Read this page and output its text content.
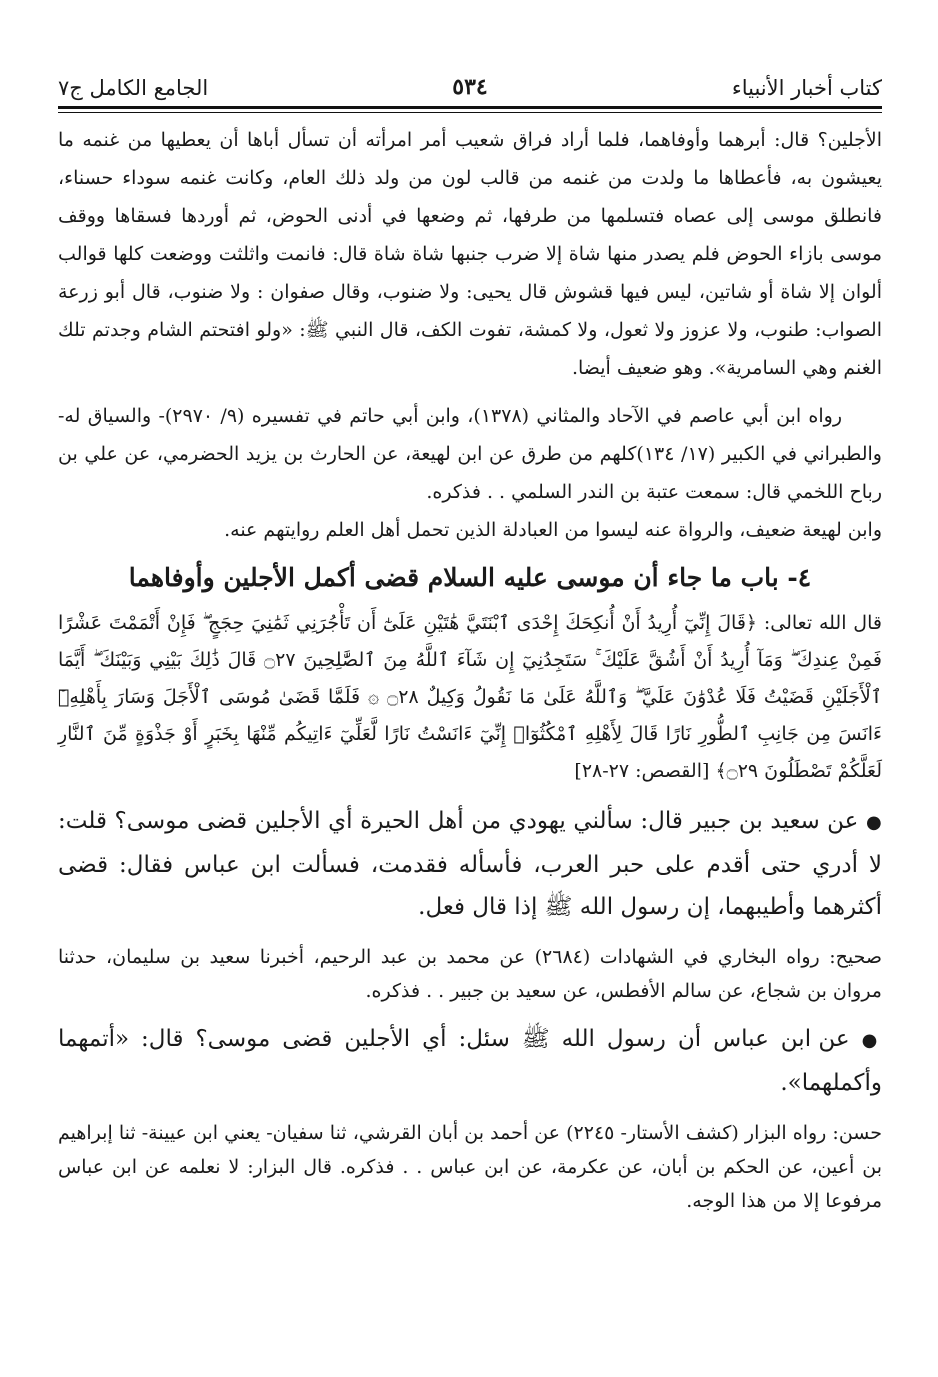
كتاب أخبار الأنبياء
٥٣٤
الجامع الكامل ج٧

الأجلين؟ قال: أبرهما وأوفاهما، فلما أراد فراق شعيب أمر امرأته أن تسأل أباها أن يعطيها من غنمه ما يعيشون به، فأعطاها ما ولدت من غنمه من قالب لون من ولد ذلك العام، وكانت غنمه سوداء حسناء، فانطلق موسى إلى عصاه فتسلمها من طرفها، ثم وضعها في أدنى الحوض، ثم أوردها فسقاها ووقف موسى بازاء الحوض فلم يصدر منها شاة إلا ضرب جنبها شاة شاة قال: فانمت واثلثت ووضعت كلها قوالب ألوان إلا شاة أو شاتين، ليس فيها قشوش قال يحيى: ولا ضنوب، وقال صفوان : ولا ضنوب، قال أبو زرعة الصواب: طنوب، ولا عزوز ولا ثعول، ولا كمشة، تفوت الكف، قال النبي ﷺ: «ولو افتحتم الشام وجدتم تلك الغنم وهي السامرية». وهو ضعيف أيضا.

رواه ابن أبي عاصم في الآحاد والمثاني (١٣٧٨)، وابن أبي حاتم في تفسيره (٩/ ٢٩٧٠)- والسياق له- والطبراني في الكبير (١٧/ ١٣٤)كلهم من طرق عن ابن لهيعة، عن الحارث بن يزيد الحضرمي، عن علي بن رباح اللخمي قال: سمعت عتبة بن الندر السلمي . . فذكره.

وابن لهيعة ضعيف، والرواة عنه ليسوا من العبادلة الذين تحمل أهل العلم روايتهم عنه.

٤- باب ما جاء أن موسى عليه السلام قضى أكمل الأجلين وأوفاهما

قال الله تعالى: ﴿قَالَ إِنِّيٓ أُرِيدُ أَنْ أُنكِحَكَ إِحْدَى ٱبْنَتَيَّ هَٰتَيْنِ عَلَىٰٓ أَن تَأْجُرَنِي ثَمَٰنِيَ حِجَجٍ ۖ فَإِنْ أَتْمَمْتَ عَشْرًا فَمِنْ عِندِكَ ۖ وَمَآ أُرِيدُ أَنْ أَشُقَّ عَلَيْكَ ۚ سَتَجِدُنِيٓ إِن شَآءَ ٱللَّهُ مِنَ ٱلصَّٰلِحِينَ ۝٢٧ قَالَ ذَٰلِكَ بَيْنِي وَبَيْنَكَ ۖ أَيَّمَا ٱلْأَجَلَيْنِ قَضَيْتُ فَلَا عُدْوَٰنَ عَلَيَّ ۖ وَٱللَّهُ عَلَىٰ مَا نَقُولُ وَكِيلٌ ۝٢٨ ۞ فَلَمَّا قَضَىٰ مُوسَى ٱلْأَجَلَ وَسَارَ بِأَهْلِهِۦٓ ءَانَسَ مِن جَانِبِ ٱلطُّورِ نَارًا قَالَ لِأَهْلِهِ ٱمْكُثُوٓا۟ إِنِّيٓ ءَانَسْتُ نَارًا لَّعَلِّيٓ ءَاتِيكُم مِّنْهَا بِخَبَرٍ أَوْ جَذْوَةٍ مِّنَ ٱلنَّارِ لَعَلَّكُمْ تَصْطَلُونَ ۝٢٩﴾ [القصص: ٢٧-٢٨]

● عن سعيد بن جبير قال: سألني يهودي من أهل الحيرة أي الأجلين قضى موسى؟ قلت: لا أدري حتى أقدم على حبر العرب، فأسأله فقدمت، فسألت ابن عباس فقال: قضى أكثرهما وأطيبهما، إن رسول الله ﷺ إذا قال فعل.

صحيح: رواه البخاري في الشهادات (٢٦٨٤) عن محمد بن عبد الرحيم، أخبرنا سعيد بن سليمان، حدثنا مروان بن شجاع، عن سالم الأفطس، عن سعيد بن جبير . . فذكره.

● عن ابن عباس أن رسول الله ﷺ سئل: أي الأجلين قضى موسى؟ قال: «أتمهما وأكملهما».

حسن: رواه البزار (كشف الأستار- ٢٢٤٥) عن أحمد بن أبان القرشي، ثنا سفيان- يعني ابن عيينة- ثنا إبراهيم بن أعين، عن الحكم بن أبان، عن عكرمة، عن ابن عباس . . فذكره. قال البزار: لا نعلمه عن ابن عباس مرفوعا إلا من هذا الوجه.
